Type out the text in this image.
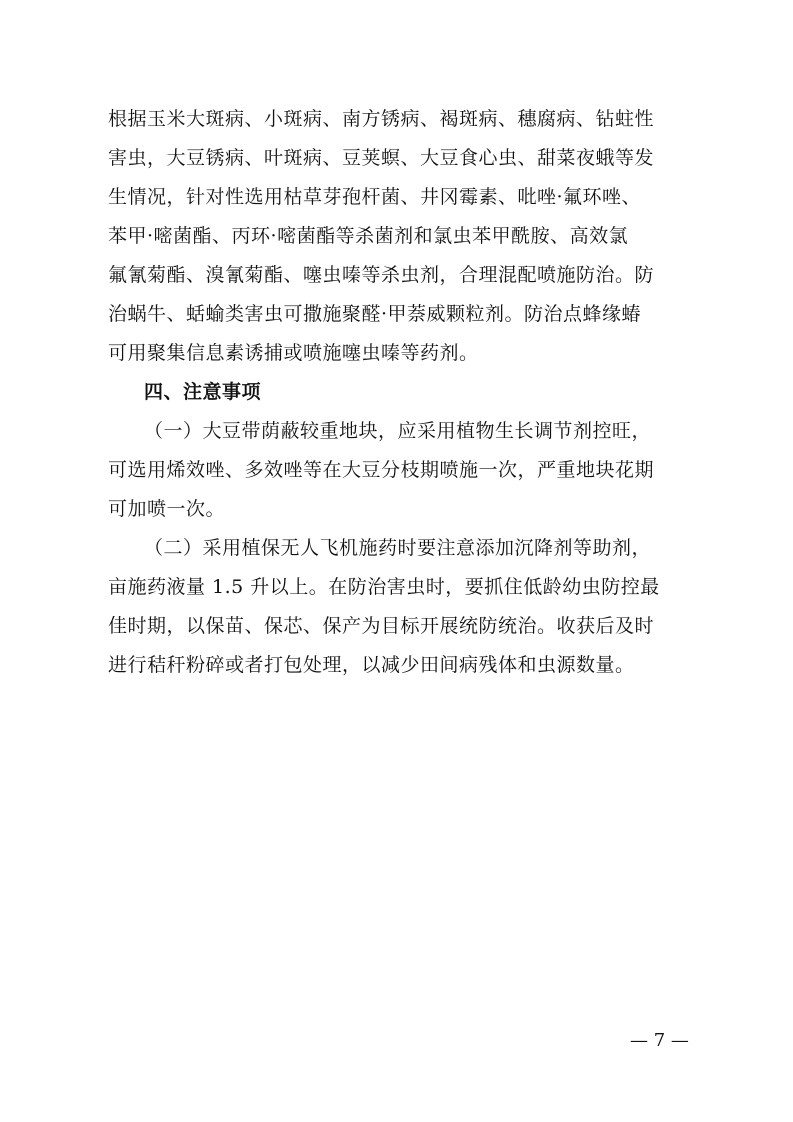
根据玉米大斑病、小斑病、南方锈病、褐斑病、穗腐病、钻蛀性
害虫，大豆锈病、叶斑病、豆荚螟、大豆食心虫、甜菜夜蛾等发
生情况，针对性选用枯草芽孢杆菌、井冈霉素、吡唑·氟环唑、
苯甲·嘧菌酯、丙环·嘧菌酯等杀菌剂和氯虫苯甲酰胺、高效氯
氟氰菊酯、溴氰菊酯、噻虫嗪等杀虫剂，合理混配喷施防治。防
治蜗牛、蛞蝓类害虫可撒施聚醛·甲萘威颗粒剂。防治点蜂缘蝽
可用聚集信息素诱捕或喷施噻虫嗪等药剂。
四、注意事项
（一）大豆带荫蔽较重地块，应采用植物生长调节剂控旺，
可选用烯效唑、多效唑等在大豆分枝期喷施一次，严重地块花期
可加喷一次。
（二）采用植保无人飞机施药时要注意添加沉降剂等助剂，
亩施药液量 1.5 升以上。在防治害虫时，要抓住低龄幼虫防控最
佳时期，以保苗、保芯、保产为目标开展统防统治。收获后及时
进行秸秆粉碎或者打包处理，以减少田间病残体和虫源数量。
— 7 —
